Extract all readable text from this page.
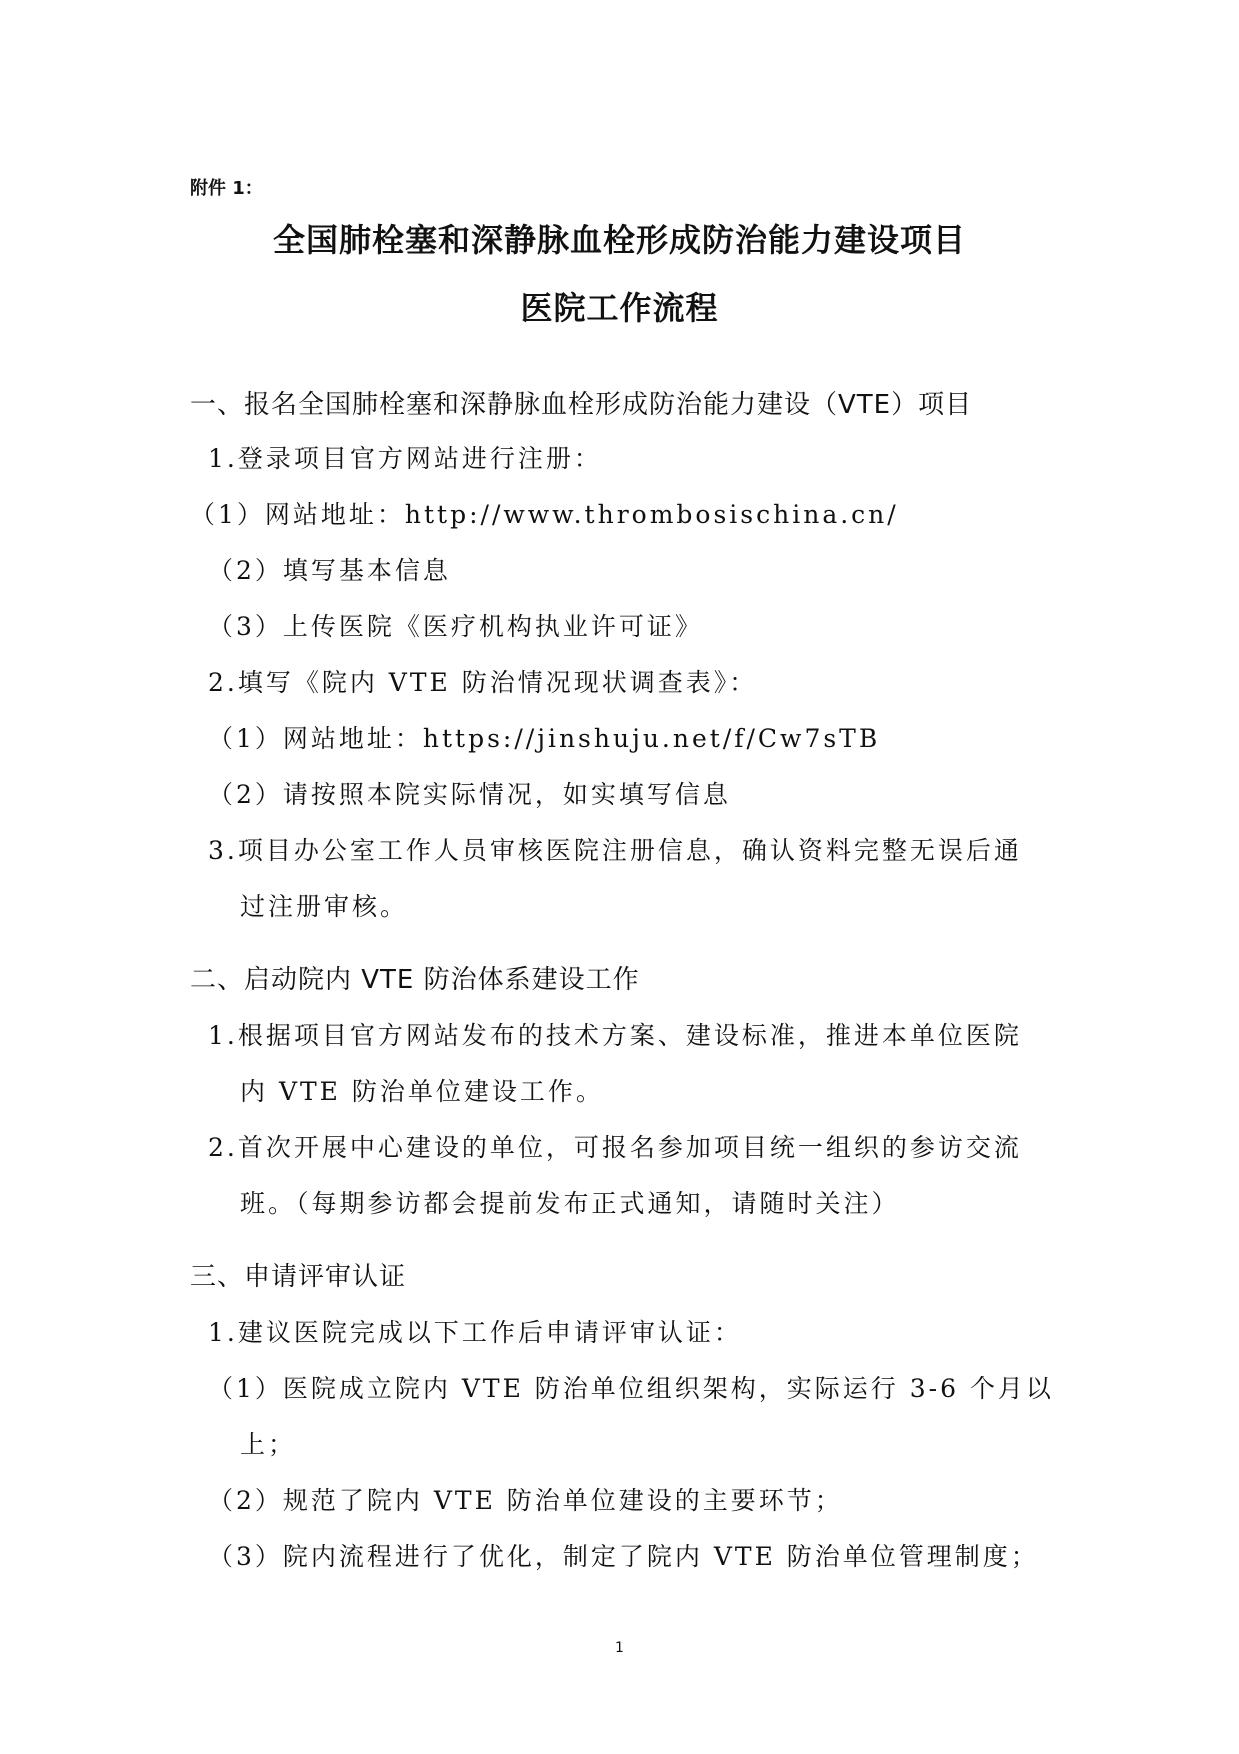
附件 1：
全国肺栓塞和深静脉血栓形成防治能力建设项目
医院工作流程
一、报名全国肺栓塞和深静脉血栓形成防治能力建设（VTE）项目
1.登录项目官方网站进行注册：
（1）网站地址：http://www.thrombosischina.cn/
（2）填写基本信息
（3）上传医院《医疗机构执业许可证》
2.填写《院内 VTE 防治情况现状调查表》：
（1）网站地址：https://jinshuju.net/f/Cw7sTB
（2）请按照本院实际情况，如实填写信息
3.项目办公室工作人员审核医院注册信息，确认资料完整无误后通
过注册审核。
二、启动院内 VTE 防治体系建设工作
1.根据项目官方网站发布的技术方案、建设标准，推进本单位医院
内 VTE 防治单位建设工作。
2.首次开展中心建设的单位，可报名参加项目统一组织的参访交流
班。（每期参访都会提前发布正式通知，请随时关注）
三、申请评审认证
1.建议医院完成以下工作后申请评审认证：
（1）医院成立院内 VTE 防治单位组织架构，实际运行 3-6 个月以
上；
（2）规范了院内 VTE 防治单位建设的主要环节；
（3）院内流程进行了优化，制定了院内 VTE 防治单位管理制度；
1
